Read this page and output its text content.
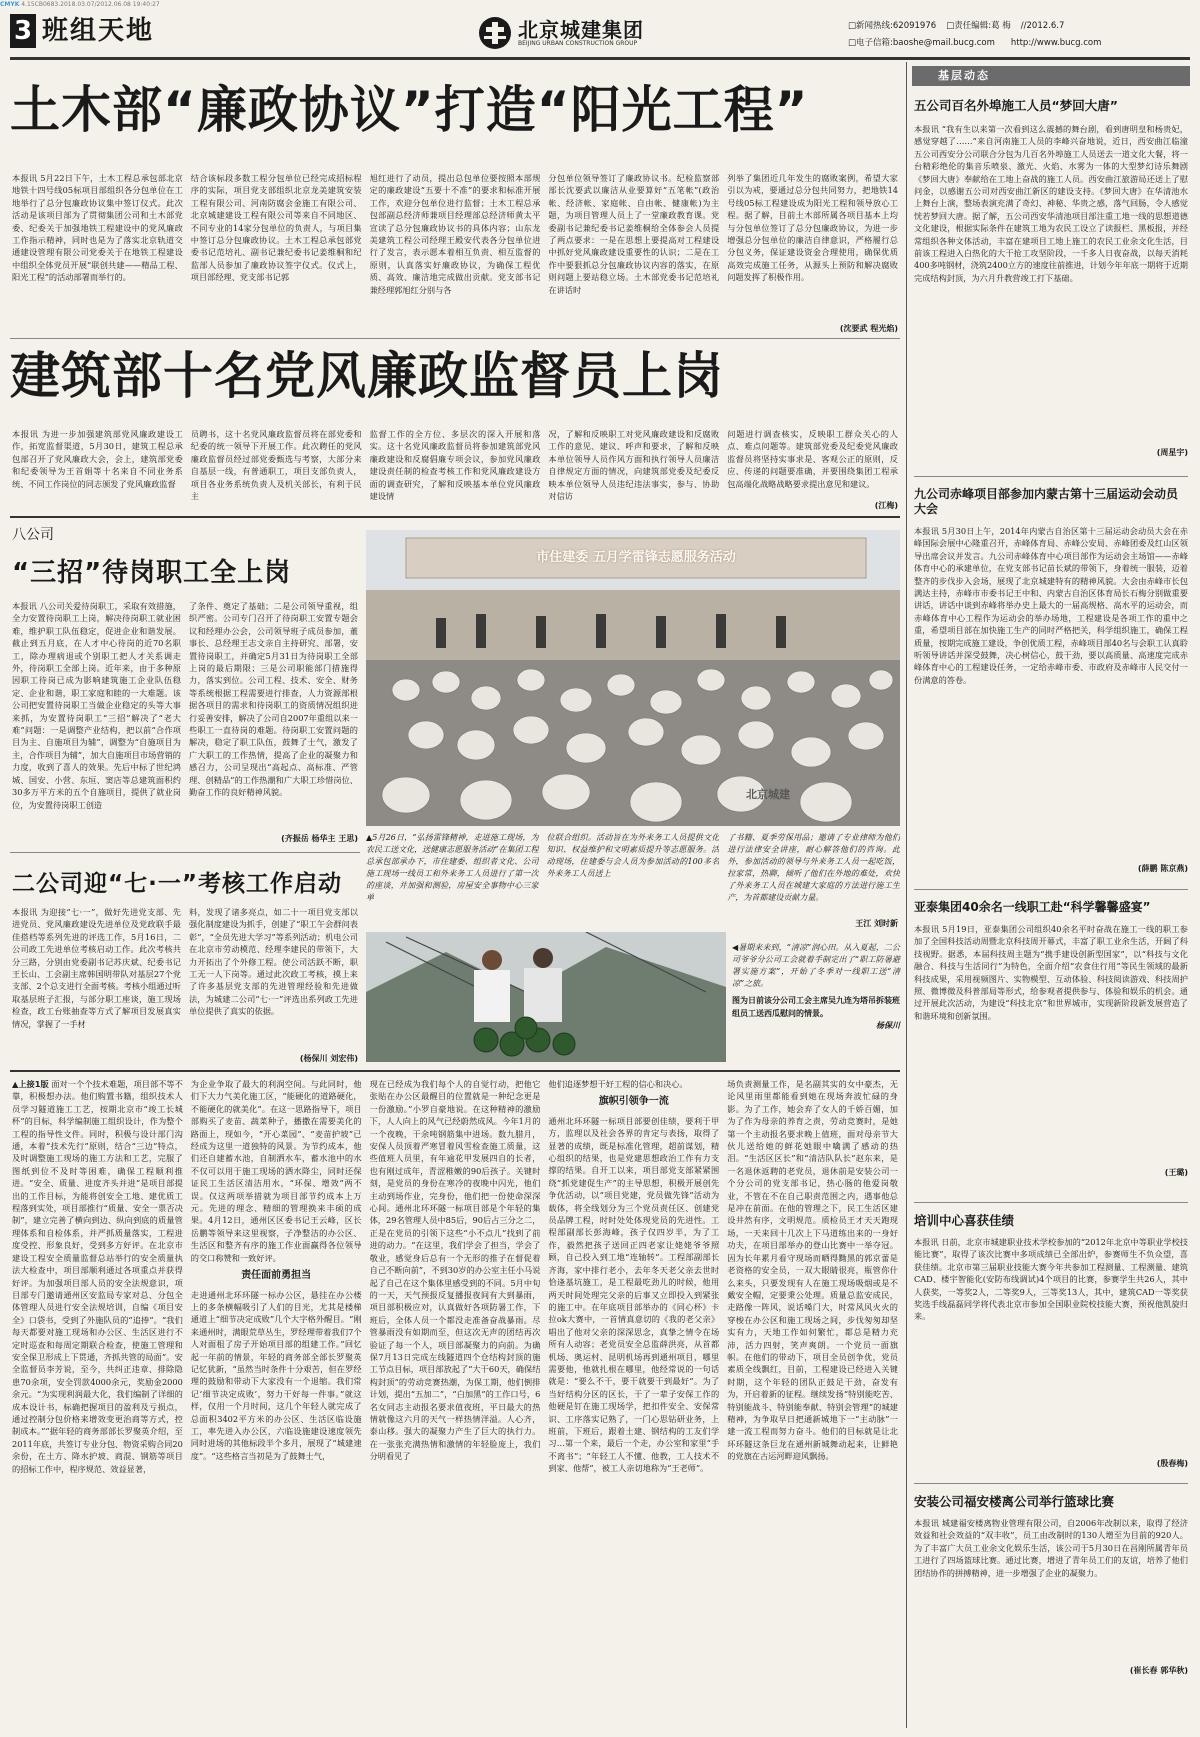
CMYK 4.15CB0683.2018.03.07/2012.06.08 19:40:27
3 班组天地	北京城建集团
BEIJING URBAN CONSTRUCTION GROUP
□新闻热线:62091976 □责任编辑:葛 梅 //2012.6.7
□电子信箱:baoshe@mail.bucg.com http://www.bucg.com
土木部“廉政协议”打造“阳光工程”
本报讯 5月22日下午，土木工程总承包部北京地铁十四号线05标项目部组织各分包单位在工地举行了总分包廉政协议集中签订仪式。此次活动是该项目部为了贯彻集团公司和土木部党委、纪委关于加强地铁工程建设中的党风廉政工作指示精神，同时也是为了落实北京轨道交通建设管理有限公司党委关于在地铁工程建设中组织全体党员开展“联创共建——精品工程、阳光工程”的活动部署而举行的。
结合该标段多数工程分包单位已经完成招标程序的实际，项目党支部组织北京龙美建筑安装工程有限公司、河南防腐会金施工有限公司、北京城建建设工程有限公司等来自不同地区、不同专业的14家分包单位的负责人，与项目集中签订总分包廉政协议。土木工程总承包部党委书记范培礼、副书记兼纪委书记姜维桐和纪监部人员参加了廉政协议签字仪式。仪式上，项目部经理、党支部书记郭
旭红进行了动员，提出总包单位要按照本部规定的廉政建设“五要十不准”的要求和标准开展工作，欢迎分包单位进行监督；土木工程总承包部副总经济师兼项目经理部总经济师黄太平宣读了总分包廉政协议书的具体内容；山东龙美建筑工程公司经理王殿安代表各分包单位进行了发言，表示愿本着相互负责、相互监督的原则，认真落实好廉政协议，为确保工程优质、高效、廉洁地完成做出贡献。党支部书记兼经理郭旭红分别与各
分包单位领导签订了廉政协议书。纪检监察部部长沈要武以廉洁从业要算好“五笔帐”(政治帐、经济帐、家庭帐、自由帐、健康帐)为主题，为项目管理人员上了一堂廉政教育课。党委副书记兼纪委书记姜维桐给全体参会人员提了两点要求：一是在思想上要提高对工程建设中抓好党风廉政建设重要性的认识；二是在工作中要狠抓总分包廉政协议内容的落实，在原则问题上要站稳立场。土木部党委书记范培礼在讲话时
列举了集团近几年发生的腐败案例，希望大家引以为戒，要通过总分包共同努力，把地铁14号线05标工程建设成为阳光工程和领导放心工程。据了解，目前土木部所属各项目基本上均与分包单位签订了总分包廉政协议，为进一步增强总分包单位的廉洁自律意识，严格履行总分包义务，保证建设资金合理使用，确保优质高效完成施工任务，从源头上预防和解决腐败问题发挥了积极作用。
(沈要武 程光焰)
建筑部十名党风廉政监督员上岗
本报讯 为进一步加强建筑部党风廉政建设工作，拓宽监督渠道，5月30日，建筑工程总承包部召开了党风廉政大会，会上，建筑部党委和纪委领导为王首娟等十名来自不同业务系统、不同工作岗位的同志颁发了党风廉政监督
员聘书，这十名党风廉政监督员将在部党委和纪委的统一领导下开展工作。此次聘任的党风廉政监督员经过部党委甄选与考察，大部分来自基层一线，有普通职工，项目支部负责人，项目各业务系统负责人及机关部长，有利于民主
监督工作的全方位、多层次的深入开展和落实。这十名党风廉政监督员将参加建筑部党风廉政建设和反腐倡廉专项会议，参加党风廉政建设责任制的检查考核工作和党风廉政建设方面的调查研究，了解和反映基本单位党风廉政建设情
况，了解和反映职工对党风廉政建设和反腐败工作的意见、建议、呼声和要求，了解和反映本单位领导人员作风方面和执行领导人员廉洁自律规定方面的情况，向建筑部党委及纪委反映本单位领导人员违纪违法事实，参与、协助对信访
问题进行调查核实，反映职工群众关心的人点、难点问题等。建筑部党委及纪委党风廉政监督员将坚持实事求是、客观公正的原则，反应、传递的问题要准确，并要围绕集团工程承包高端化战略战略要求提出意见和建议。
(江梅)
八公司
“三招”待岗职工全上岗
本报讯 八公司关爱待岗职工，采取有效措施，全力安置待岗职工上岗，解决待岗职工就业困难，维护职工队伍稳定，促进企业和谐发展。截止到五月底，在人才中心待岗的近70名职工，除办理病退或个别职工把人才关系调走外，待岗职工全部上岗。近年来，由于多种原因职工待岗已成为影响建筑施工企业队伍稳定、企业和谐，职工家庭和睦的一大难题。该公司把安置待岗职工当做企业稳定的头等大事来抓，为安置待岗职工“三招”解决了“老大难”问题：一是调整产业结构，把以前“合作项目为主、自施项目为辅”，调整为“自施项目为主，合作项目为辅”，加大自施项目市场营销的力度，收到了喜人的效果。先后中标了世纪鸿城、国安、小营、东垣、窦店等总建筑面积约30多万平方米的五个自施项目，提供了就业岗位，为安置待岗职工创造
了条件、奠定了基础；二是公司领导重视，组织严密。公司专门召开了待岗职工安置专题会议和经理办公会，公司领导班子成员参加，董事长、总经理王志文亲自主持研究、部署，安置待岗职工，并确定5月31日为待岗职工全部上岗的最后期限；三是公司职能部门措施得力，落实到位。公司工程、技术、安全、财务等系统根据工程需要进行排查，人力资源部根据各项目的需求和待岗职工的资质情况组织进行妥善安排，解决了公司自2007年重组以来一些职工一直待岗的难题。待岗职工安置问题的解决，稳定了职工队伍，鼓舞了士气，激发了广大职工的工作热情，提高了企业的凝聚力和感召力，公司呈现出“高起点、高标准、严管理、创精品”的工作热潮和广大职工珍惜岗位、勤奋工作的良好精神风貌。
(齐振岳 杨华主 王思)
二公司迎“七·一”考核工作启动
本报讯 为迎接“七·一”，做好先进党支部、先进党员、党风廉政建设先进单位及党政联手最佳搭档等系列先进的评选工作，5月16日，二公司政工先进单位考核启动工作。此次考核共分三路，分别由党委副书记苏庆斌、纪委书记王长山、工会副主席韩国明带队对基层27个党支部、2个总支进行全面考核。考核小组通过听取基层班子汇报，与部分职工座谈，施工现场检查，政工台账抽查等方式了解项目发展真实情况，掌握了一手材
料，发现了诸多亮点，如二十一项目党支部以强化制度建设为抓手，创建了“职工午会群问表彰”，“全员先进大学习”等系列活动；机电公司在北京市劳动模范、经理李建民的带领下，大力开拓出了个外修工程。使公司活跃不断，职工无一人下岗等。通过此次政工考核，摸上来了许多基层党支部的先进管理经验和先进做法，为城建二公司“七·一”评选出系列政工先进单位提供了真实的依据。
(杨保川 刘宏伟)
市住建委 五月学雷锋志愿服务活动
北京城建
▲5月26日，“弘扬雷锋精神，走进施工现场，为农民工送文化，送健康志愿服务活动”在集团工程总承包部承办下，市住建委、组织者文化、公司施工现场一线员工和外来务工人员进行了第一次的座谈，并加强和测验，房屋安全事物中心三家单
位联合组织。活动旨在为外来务工人员提供文化知识、权益维护和文明素质提升等志愿服务。活动现场，住建委与会人员为参加活动的100多名外来务工人员送上
了书籍、夏季劳保用品；邀请了专业律师为他们进行法律安全讲座，耐心解答他们的咨询。此外，参加活动的领导与外来务工人员一起吃饭，拉家常，热聊，倾听了他们在外地的难处，欢快了外来务工人员在城建大家庭的方法进行施工生产，为首都建设贡献力量。
王江 刘时新
◀暑期来来到，“清凉”润心田。从入夏起，二公司爷爷分公司工会就着手制定出了“职工防暑避署实施方案”，开始了冬季对一线职工送“清凉”之旅。
图为日前该分公司工会主席吴九连为塔吊拆装班组员工送西瓜慰问的情景。
杨保川
▲上接1版 面对一个个技术难题，项目部不等不靠，积极想办法。他们购置书籍，组织技术人员学习隧道施工工艺，按期北京市“竣工长城杯”的目标，科学编制施工组织设计，作为整个工程的指导性文件。同时，积极与设计部门沟通，本着“技术先行”原则，结合“三边”特点，及时调整施工现场的施工方法和工艺，完服了图纸到位不及时等困难，确保工程顺利推进。“安全、质量、进度齐头并进”是项目部提出的工作目标，为能将创安全工地、建优质工程落到实处，项目部推行“质量、安全一票否决制”，建立完善了横向到边、纵向到底的质量管理体系和自检体系，并严抓质量落实，工程进度受控、形象良好，受到多方好评。在北京市建设工程安全质量监督总站举行的安全质量执法大检查中，项目部顺利通过各项重点并获得好评。为加强项目部人员的安全法规意识，项目部专门邀请通州区安监局专家对总、分包全体管理人员进行安全法规培训，自编《项目安全》口袋书，受到了外施队员的“追捧”。“我们每天都要对施工现场和办公区、生活区进行不定时巡查和每周定期联合检查，使施工管理和安全保卫形成上下贯通，齐抓共管的局面”。安全监督员李芳说，至今，共纠正违章、排除隐患70余项，安全罚款4000余元，奖励金2000余元。“为实现利润最大化，我们编制了详细的成本设计书，标确把握项目的盈利及亏损点，通过控制分包价格来增效变更治商等方式，控制成本。”“据年轻的商务部部长罗聚英介绍，至2011年底，共签订专业分包、物资采购合同20余份，在土方、降水护坡、商混、钢筋等项目的招标工作中，程序规范、效益显著，
为企业争取了最大的利润空间。与此同时，他们下大力气美化施工区，“能硬化的道路硬化，不能硬化的就美化”。在这一思路指导下，项目部购买了麦苗、蔬菜种子，播撒在需要美化的路面上，现如今，“开心菜园”、“麦苗护坡”已经成为这里一道独特的风景。为节约成本，他们还自建蓄水池，自制洒水车，蓄水池中的水不仅可以用于施工现场的洒水降尘，同时还保证民工生活区清洁用水，“环保、增效”两不误。仅这两项举措就为项目部节约成本上万元。先进的理念、精细的管理换来丰硕的成果。4月12日，通州区区委书记王云峰，区长岳鹏等领导来这里视察，子净整洁的办公区、生活区和整齐有序的施工作业面赢得各位领导的交口称赞和一致好评。
责任面前勇担当
走进通州北环环隧一标办公区，悬挂在办公楼上的多条横幅吸引了人们的目光，尤其是楼梯通道上“细节决定成败”几个大字格外醒目。“刚来通州时，满眼荒草丛生，罗经理带着我们7个人对面租了房子开始项目部的组建工作。”回忆起一年前的情景，年轻的商务部全部长罗聚英记忆犹新，“虽然当时条件十分艰苦，但在罗经理的鼓励和带动下大家没有一个退缩。我们常记‘细节决定成败’，努力干好每一件事。”就这样，仅用一个月时间，这几个年轻人就完成了总面积3402平方米的办公区、生活区临设施工，率先进入办公区，六临设施建设速度领先同时进场的其他标段半个多月，展现了“城建速度”。“这些格言当初是为了鼓舞士气，
现在已经成为我们每个人的自觉行动，把他它张贴在办公区最醒目的位置就是一种纪念更是一份激励。”小罗自豪地说。在这种精神的激励下，人人向上的风气已经蔚然成风。今年1月的一个夜晚，干余吨钢筋集中进场。数九腊月，安保人员顶着严寒冒着风雪检查施工质量，这些值班人员里，有年逾花甲发展四自的长者，也有刚过成年，青涩稚嫩的90后孩子。关键时刻，是党员的身份在寒冷的夜晚中闪光，他们主动到场作业，完身份，他们把一份使命深深心间。通州北环环隧一标项目部是个年轻的集体，29名管理人员中85后，90后占三分之二，正是在党员的引领下这些“小不点儿”找到了前进的动力。“在这里，我们学会了担当，学会了敬业，感觉身后总有一个无形的推子在督促着自己不断向前”，不到30岁的办公室主任小马说起了自己在这个集体里感受到的不同。5月中旬的一天，天气预报反复播报夜间有大到暴雨，项目部积极应对，认真做好各项防暑工作，下班后，全体人员一个都没走准备奋战暴雨。尽管暴雨没有如期而至，但这次无声的团结再次验证了每一个人，项目部凝聚力的向前。为确保7月13日完成左线隧道四个仓结构封顶的施工节点目标，项目部放起了“大干60天，确保结构封顶”的劳动竞赛热潮，为保工期，他们倒排计划，提出“五加二”，“白加黑”的工作口号，6名女同志主动报名要求值夜班，平日最大的热情就像这六月的天气一样热情洋溢。人心齐，泰山移。强大的凝聚力产生了巨大的执行力。在一张张充满热情和激情的年轻脸庞上，我们分明看见了
他们追逐梦想干好工程的信心和决心。
旗帜引领争一流
通州北环环隧一标项目部要创佳绩，要利于甲方，监理以及社会各界的肯定与表扬，取得了显著的成绩，既是标准化管理，超前谋划，精心组织的结果，也是党建思想政治工作有力支撑的结果。自开工以来，项目部党支部紧紧围绕“抓党建促生产”的主导思想，积极开展创先争优活动，以“项目党建，党员做先锋”活动为载体，将全线划分为三个党员责任区、创建党员品牌工程，时时处处体现党员的先进性。工程部副部长彭海峰，孩子仅四岁半，为了工作，毅然把孩子送回正四老家让姥姥爷爷照顾，自己投入到工地“连轴转”。工程部副部长齐海，家中排行老小，去年冬天老父亲去世时恰逢基坑施工，是工程最吃劲儿的时候，他用两天时间处理完父亲的后事又立即投入到紧张的施工中。在年底项目部举办的《同心杯》卡拉ok大赛中，一首情真意切的《我的老父亲》唱出了他对父亲的深深思念，真挚之情令在场所有人动容；老党员安全总监薛洪亮，从首都机场、奥运村、昆明机场再到通州项目，哪里需要他，他就扎根在哪里，他经常说的一句话就是：“要么不干，要干就要干到最好”。为了当好结构分区的区长，干了一辈子安保工作的他硬是钉在施工现场学，把扣件安全、安保常识、工序落实记熟了，一门心思钻研业务，上班前，下班后，跟着土建、钢结构的工友们学习…第一个来，最后一个走，办公室和家里“手不离书”；“年轻工人不懂、他教，工人技术不到家、他帮”，被工人亲切地称为“王老师”。
场负责测量工作，是名副其实的女中豪杰，无论风里雨里都能看到她在现场奔波忙碌的身影。为了工作，她会弃了女人的千娇百媚，加为了作为母亲的养育之责，劳动竞赛时，是她第一个主动报名要求晚上值班，面对母亲节大伙儿送给她的鲜花她眼中噙满了感动的热泪。“生活区区长”和“清洁队队长”赵东来，是一名退休返聘的老党员，退休前是安装公司一个分公司的党支部书记，热心肠的他爱岗敬业，不管在不在自己职责范围之内，遇事他总是冲在前面。在他的管理之下，民工生活区建设井然有序，文明规范。质检员王才天天跑现场，一天来回十几次上下马道练出来的一身好功夫，在项目部举办的登山比赛中一举夺冠。因为长年累月看守现场而晒得黝黑的郭京蕾是老资格的安全员，一双大眼睛很亮，瓶管你什么来头，只要发现有人在施工现场吸烟或是不戴安全帽，定要秉公处理。质量总监安成民，走路像一阵风，说话嗓门大，时常风风火火的穿梭在办公区和施工现场之间，步伐匆匆却坚实有力，天地工作如何繁忙，都总是精力充沛，活力四射，笑声爽朗。一个党员一面旗帜。在他们的带动下，项目全员创争优，党员素质全线飘红，目前，工程建设已经进入关键时期，这个年轻的团队正鼓足干劲，奋发有为，开启着新的征程。继续发扬“特别能吃苦、特别能战斗、特别能奉献、特别会管理”的城建精神，为争取早日把通新城地下一“主动脉”一建一流工程而努力奋斗。他们的目标就是让北环环隧这条巨龙在通州新城舞动起来，让鲜艳的党旗在古运河畔迎风飘扬。
基层动态
五公司百名外埠施工人员“梦回大唐”
本报讯 “我有生以来第一次看到这么震撼的舞台剧，看到唐明皇和杨贵妃，感觉穿越了……”来自河南施工人员的李峰兴奋地说，近日，西安曲江临潼五公司西安分公司联合分包为几百名外埠施工人员送去一道文化大餐，将一台精彩绝伦的集音乐喷泉、激光、火焰、水雾为一体的大型梦幻诗乐舞剧《梦回大唐》奉献给在工地上奋战的施工人员。西安曲江旅游局还送上了慰问金，以感谢五公司对西安曲江新区的建设支持。《梦回大唐》在华清池水上舞台上演，整场表演充满了奇幻、神秘、华贵之感，落气回肠，令人感觉恍若梦回大唐。据了解，五公司西安华清池项目部注重工地一线的思想道德文化建设，根据实际条件在建筑工地为农民工设立了读报栏、黑板报，并经常组织各种文体活动，丰富在建项目工地上施工的农民工业余文化生活，目前该工程进入白热化的大干抢工攻坚阶段，一千多人日夜奋战，以每天消耗400多吨钢材，浇筑2400立方的速度往前推进，计划今年年底一期将于近期完成结构封顶，为六月升教营竣工打下基础。
(周星宇)
九公司赤峰项目部参加内蒙古第十三届运动会动员大会
本报讯 5月30日上午，2014年内蒙古自治区第十三届运动会动员大会在赤峰国际会展中心隆重召开，赤峰体育局、赤峰公安局、赤峰团委及红山区领导出席会议并发言。九公司赤峰体育中心项目部作为运动会主场馆——赤峰体育中心的承建单位，在党支部书记苗长斌的带领下，身着统一服装，迈着整齐的步伐步入会场，展现了北京城建特有的精神风貌。大会由赤峰市长包满达主持，赤峰市市委书记王中和、内蒙古自治区体育局长石梅分别做重要讲话，讲话中谈到赤峰将举办史上最大的一届高规格、高水平的运动会，而赤峰体育中心工程作为运动会的举办场地，工程建设是各项工作的重中之重，希望项目部在加快施工生产的同时严格把关，科学组织施工，确保工程质量，按期完成施工建设，争创优质工程，赤峰项目部40名与会职工认真聆听领导讲话并深受鼓舞，决心树信心，鼓干劲，要以高质量、高速度完成赤峰体育中心的工程建设任务，一定给赤峰市委、市政府及赤峰市人民交付一份满意的答卷。
(薛鹏 陈京燕)
亚泰集团40余名一线职工赴“科学馨馨盛宴”
本报讯 5月19日，亚泰集团公司组织40余名平时奋战在施工一线的职工参加了全国科技活动周暨北京科技周开幕式，丰富了职工业余生活，开阔了科技视野。据悉，本届科技周主题为“携手建设创新型国家”，以“科技与文化融合、科技与生活同行”为特色，全面介绍“农食住行用”等民生领域的最新科技成果，采用视频图片、实物模型、互动体验、科技阅读游戏、科技周护照、微博微及科普部局等形式，给参观者提供参与、体验和娱乐的机会。通过开展此次活动，为建设“科技北京”和世界城市，实现新阶段新发展营造了和谐环境和创新氛围。
(王璐)
培训中心喜获佳绩
本报讯 日前，北京市城建职业技术学校参加的“2012年北京中等职业学校技能比赛”，取得了该次比赛中多项成绩已全部出炉，参赛师生不负众望，喜获佳绩。北京市第三届职业技能大赛今年共参加工程测量、工程测量、建筑CAD、楼宇智能化(安防布线调试)4个项目的比赛，参赛学生共26人，其中人获奖，一等奖2人，二等奖9人，三等奖13人，其中，建筑CAD一等奖获奖选手线磊磊同学将代表北京市参加全国职业院校技能大赛，预祝他凯旋归来。
(殷春梅)
安装公司福安楼离公司举行篮球比赛
本报讯 城建福安楼离物业管理有限公司，自2006年改制以来，取得了经济效益和社会效益的“双丰收”，员工由改制时的130人增至为目前的920人。为了丰富广大员工业余文化娱乐生活，该公司于5月30日在昌刚所属青年员工进行了四场篮球比赛。通过比赛，增进了青年员工们的友谊，培养了他们团结协作的拼搏精神，进一步增强了企业的凝聚力。
(崔长春 郭华秋)
